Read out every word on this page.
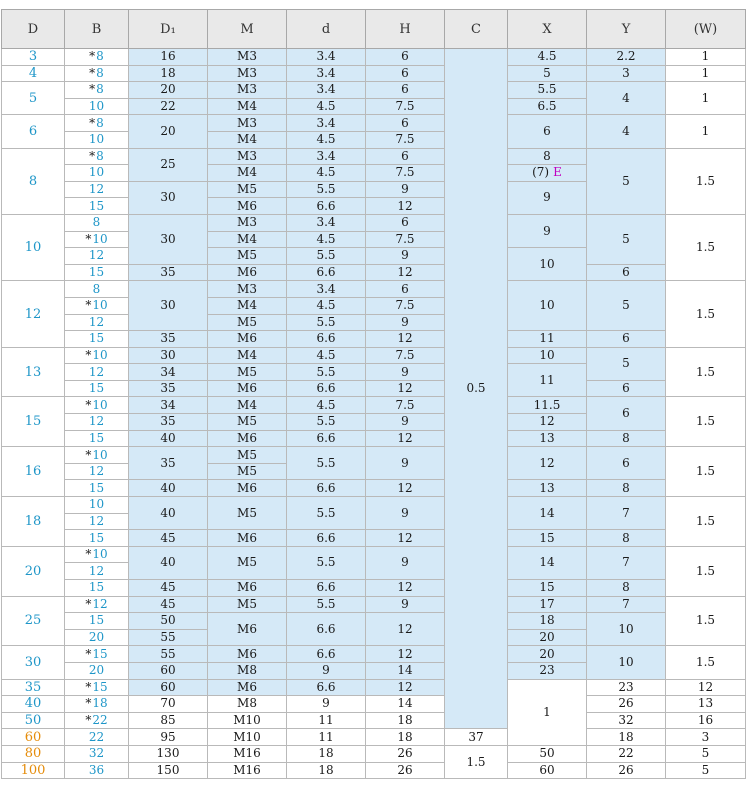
D	B	D₁	M	d	H	C	X	Y	(W)	
3	*8	16	M3	3.4	6	0.5	4.5	2.2	1	
4	*8	18	M3	3.4	6		5	3	1	
5	*8	20	M3	3.4	6		5.5	4	1	
	10	22	M4	4.5	7.5		6.5			
6	*8	20	M3	3.4	6		6	4	1	
	10		M4	4.5	7.5					
8	*8	25	M3	3.4	6		8	5	1.5	
	10		M4	4.5	7.5		(7) E			
	12	30	M5	5.5	9		9			
	15		M6	6.6	12					
10	8	30	M3	3.4	6		9	5	1.5	
	*10		M4	4.5	7.5					
	12		M5	5.5	9		10			
	15	35	M6	6.6	12			6		
12	8	30	M3	3.4	6		10	5	1.5	
	*10		M4	4.5	7.5					
	12		M5	5.5	9					
	15	35	M6	6.6	12		11	6		
13	*10	30	M4	4.5	7.5		10	5	1.5	
	12	34	M5	5.5	9		11			
	15	35	M6	6.6	12			6		
15	*10	34	M4	4.5	7.5		11.5	6	1.5	
	12	35	M5	5.5	9		12			
	15	40	M6	6.6	12		13	8		
16	*10	35	M5	5.5	9		12	6	1.5	
	12		M5							
	15	40	M6	6.6	12		13	8		
18	10	40	M5	5.5	9		14	7	1.5	
	12									
	15	45	M6	6.6	12		15	8		
20	*10	40	M5	5.5	9		14	7	1.5	
	12									
	15	45	M6	6.6	12		15	8		
25	*12	45	M5	5.5	9		17	7	1.5	
	15	50	M6	6.6	12		18	10		
	20	55					20			
30	*15	55	M6	6.6	12		20	10	1.5	
	20	60	M8	9	14		23			
35	*15	60	M6	6.6	12		1	23	12	
40	*18	70	M8	9	14			26	13	
50	*22	85	M10	11	18			32	16	
60	22	95	M10	11	18	37		18	3	
80	32	130	M16	18	26	1.5	50	22	5	
100	36	150	M16	18	26		60	26	5	
